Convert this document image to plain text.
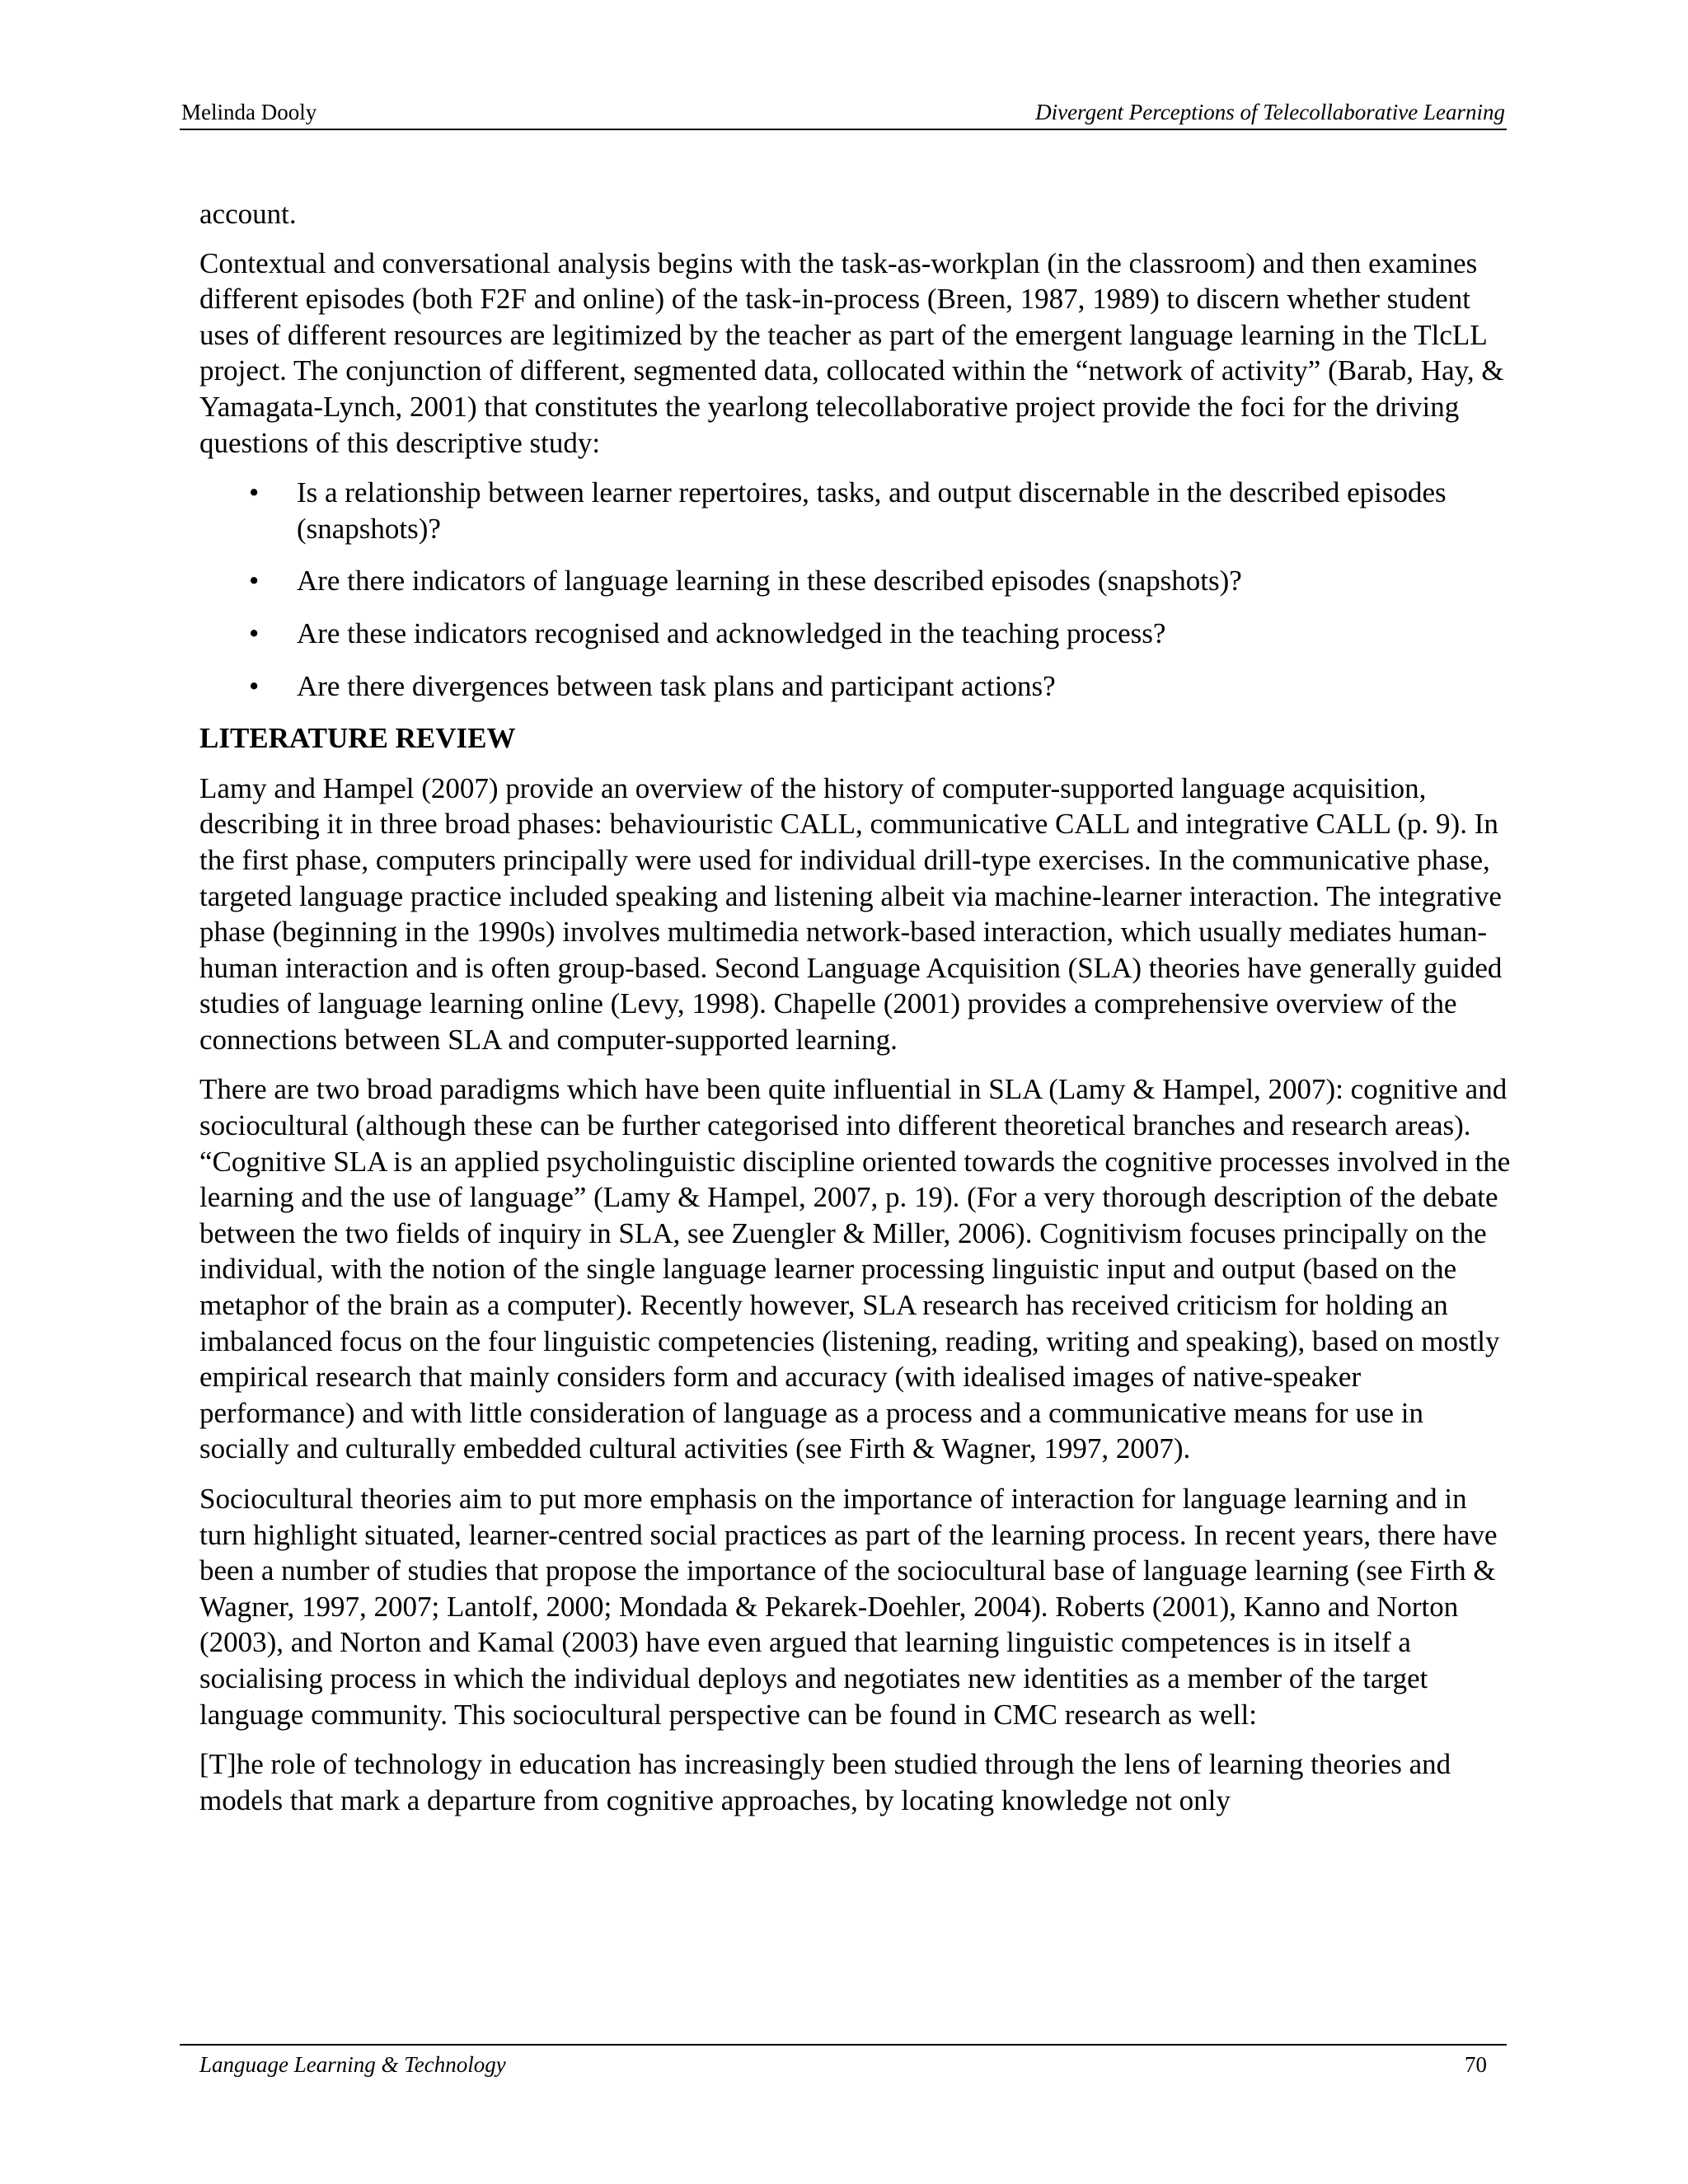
Melinda Dooly	Divergent Perceptions of Telecollaborative Learning

account.

Contextual and conversational analysis begins with the task-as-workplan (in the classroom) and then examines different episodes (both F2F and online) of the task-in-process (Breen, 1987, 1989) to discern whether student uses of different resources are legitimized by the teacher as part of the emergent language learning in the TlcLL project. The conjunction of different, segmented data, collocated within the “network of activity” (Barab, Hay, & Yamagata-Lynch, 2001) that constitutes the yearlong telecollaborative project provide the foci for the driving questions of this descriptive study:

• Is a relationship between learner repertoires, tasks, and output discernable in the described episodes (snapshots)?
• Are there indicators of language learning in these described episodes (snapshots)?
• Are these indicators recognised and acknowledged in the teaching process?
• Are there divergences between task plans and participant actions?

LITERATURE REVIEW

Lamy and Hampel (2007) provide an overview of the history of computer-supported language acquisition, describing it in three broad phases: behaviouristic CALL, communicative CALL and integrative CALL (p. 9). In the first phase, computers principally were used for individual drill-type exercises. In the communicative phase, targeted language practice included speaking and listening albeit via machine-learner interaction. The integrative phase (beginning in the 1990s) involves multimedia network-based interaction, which usually mediates human-human interaction and is often group-based. Second Language Acquisition (SLA) theories have generally guided studies of language learning online (Levy, 1998). Chapelle (2001) provides a comprehensive overview of the connections between SLA and computer-supported learning.

There are two broad paradigms which have been quite influential in SLA (Lamy & Hampel, 2007): cognitive and sociocultural (although these can be further categorised into different theoretical branches and research areas). “Cognitive SLA is an applied psycholinguistic discipline oriented towards the cognitive processes involved in the learning and the use of language” (Lamy & Hampel, 2007, p. 19). (For a very thorough description of the debate between the two fields of inquiry in SLA, see Zuengler & Miller, 2006). Cognitivism focuses principally on the individual, with the notion of the single language learner processing linguistic input and output (based on the metaphor of the brain as a computer). Recently however, SLA research has received criticism for holding an imbalanced focus on the four linguistic competencies (listening, reading, writing and speaking), based on mostly empirical research that mainly considers form and accuracy (with idealised images of native-speaker performance) and with little consideration of language as a process and a communicative means for use in socially and culturally embedded cultural activities (see Firth & Wagner, 1997, 2007).

Sociocultural theories aim to put more emphasis on the importance of interaction for language learning and in turn highlight situated, learner-centred social practices as part of the learning process. In recent years, there have been a number of studies that propose the importance of the sociocultural base of language learning (see Firth & Wagner, 1997, 2007; Lantolf, 2000; Mondada & Pekarek-Doehler, 2004). Roberts (2001), Kanno and Norton (2003), and Norton and Kamal (2003) have even argued that learning linguistic competences is in itself a socialising process in which the individual deploys and negotiates new identities as a member of the target language community. This sociocultural perspective can be found in CMC research as well:

[T]he role of technology in education has increasingly been studied through the lens of learning theories and models that mark a departure from cognitive approaches, by locating knowledge not only

Language Learning & Technology	70
